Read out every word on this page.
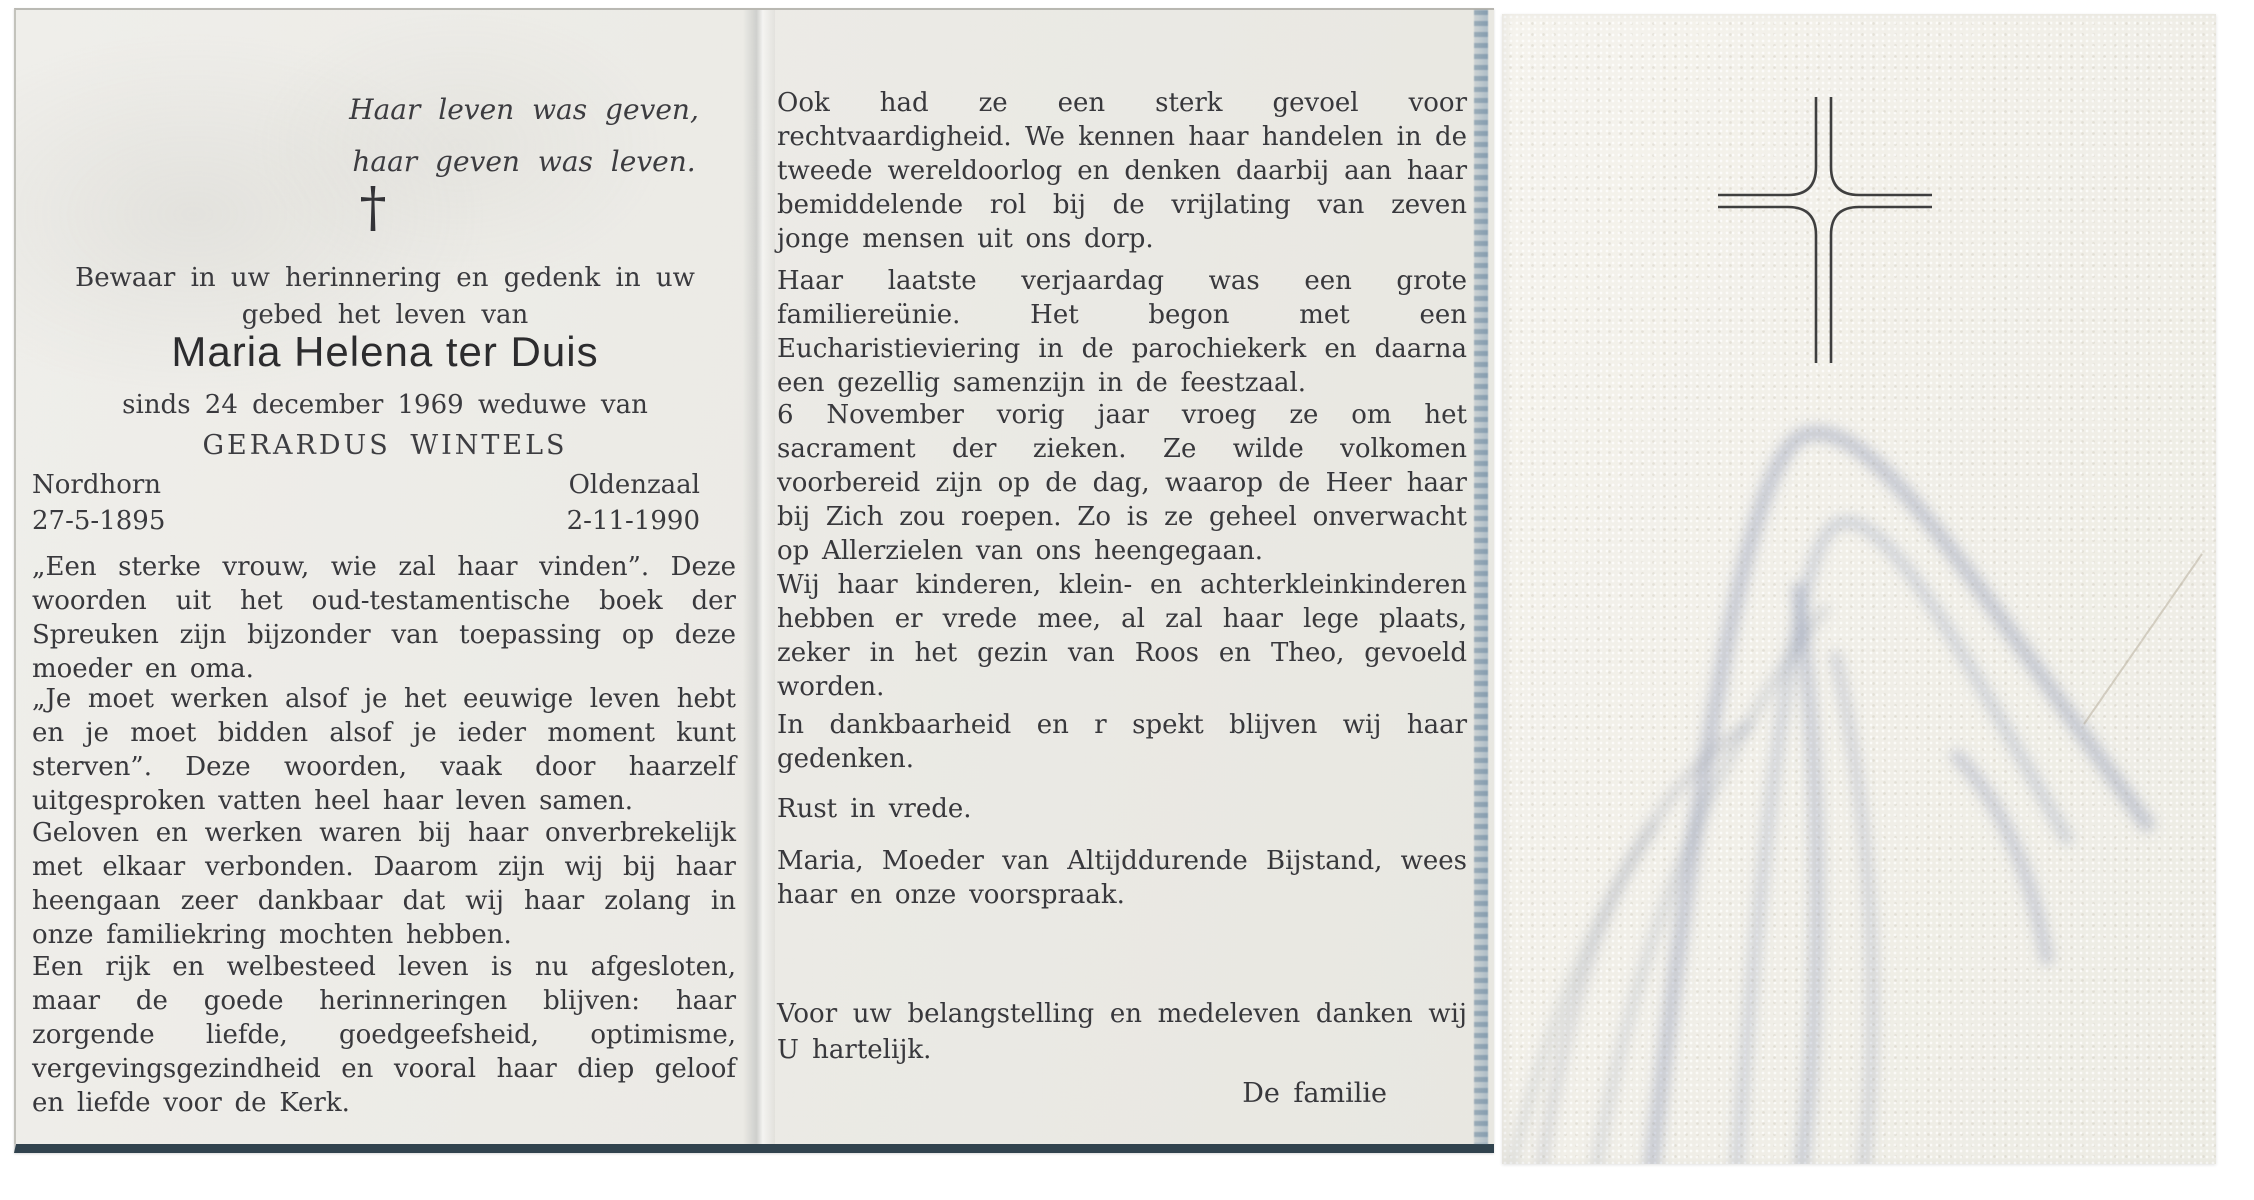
Haar leven was geven,
haar geven was leven.
†
Bewaar in uw herinnering en gedenk in uw
gebed het leven van
Maria Helena ter Duis
sinds 24 december 1969 weduwe van
GERARDUS WINTELS
Nordhorn	Oldenzaal
27-5-1895	2-11-1990

„Een sterke vrouw, wie zal haar vinden”. Deze woorden uit het oud-testamentische boek der Spreuken zijn bijzonder van toepassing op deze moeder en oma.

„Je moet werken alsof je het eeuwige leven hebt en je moet bidden alsof je ieder moment kunt sterven”. Deze woorden, vaak door haarzelf uitgesproken vatten heel haar leven samen.

Geloven en werken waren bij haar onverbrekelijk met elkaar verbonden. Daarom zijn wij bij haar heengaan zeer dankbaar dat wij haar zolang in onze familiekring mochten hebben.

Een rijk en welbesteed leven is nu afgesloten, maar de goede herinneringen blijven: haar zorgende liefde, goedgeefsheid, optimisme, vergevingsgezindheid en vooral haar diep geloof en liefde voor de Kerk.

Ook had ze een sterk gevoel voor rechtvaardigheid. We kennen haar handelen in de tweede wereldoorlog en denken daarbij aan haar bemiddelende rol bij de vrijlating van zeven jonge mensen uit ons dorp.

Haar laatste verjaardag was een grote familiereünie. Het begon met een Eucharistieviering in de parochiekerk en daarna een gezellig samenzijn in de feestzaal.

6 November vorig jaar vroeg ze om het sacrament der zieken. Ze wilde volkomen voorbereid zijn op de dag, waarop de Heer haar bij Zich zou roepen. Zo is ze geheel onverwacht op Allerzielen van ons heengegaan.

Wij haar kinderen, klein- en achterkleinkinderen hebben er vrede mee, al zal haar lege plaats, zeker in het gezin van Roos en Theo, gevoeld worden.

In dankbaarheid en r spekt blijven wij haar gedenken.

Rust in vrede.

Maria, Moeder van Altijddurende Bijstand, wees haar en onze voorspraak.

Voor uw belangstelling en medeleven danken wij U hartelijk.

De familie
